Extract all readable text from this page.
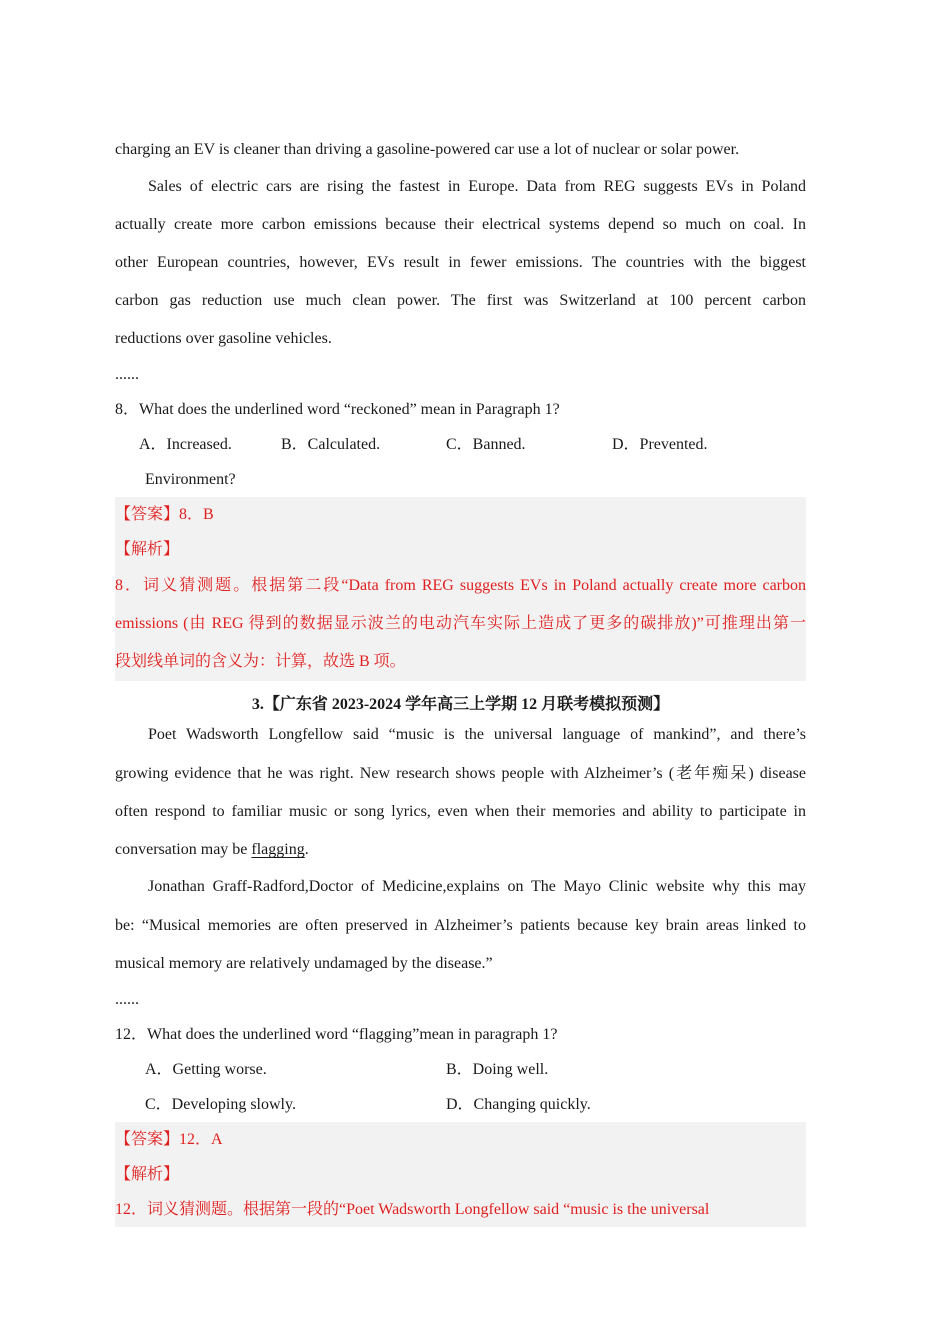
charging an EV is cleaner than driving a gasoline-powered car use a lot of nuclear or solar power.
Sales of electric cars are rising the fastest in Europe. Data from REG suggests EVs in Poland
actually create more carbon emissions because their electrical systems depend so much on coal. In
other European countries, however, EVs result in fewer emissions. The countries with the biggest
carbon gas reduction use much clean power. The first was Switzerland at 100 percent carbon
reductions over gasoline vehicles.
......
8．What does the underlined word “reckoned” mean in Paragraph 1?
A．Increased.	B．Calculated.	C．Banned.	D．Prevented.
Environment?
【答案】8．B
【解析】
8．词义猜测题。根据第二段“Data from REG suggests EVs in Poland actually create more carbon
emissions (由 REG 得到的数据显示波兰的电动汽车实际上造成了更多的碳排放)”可推理出第一
段划线单词的含义为：计算，故选 B 项。
3.【广东省 2023-2024 学年高三上学期 12 月联考模拟预测】
Poet Wadsworth Longfellow said “music is the universal language of mankind”, and there’s
growing evidence that he was right. New research shows people with Alzheimer’s (老年痴呆) disease
often respond to familiar music or song lyrics, even when their memories and ability to participate in
conversation may be flagging.
Jonathan Graff-Radford,Doctor of Medicine,explains on The Mayo Clinic website why this may
be: “Musical memories are often preserved in Alzheimer’s patients because key brain areas linked to
musical memory are relatively undamaged by the disease.”
......
12．What does the underlined word “flagging”mean in paragraph 1?
A．Getting worse.	B．Doing well.
C．Developing slowly.	D．Changing quickly.
【答案】12．A
【解析】
12．词义猜测题。根据第一段的“Poet Wadsworth Longfellow said “music is the universal
